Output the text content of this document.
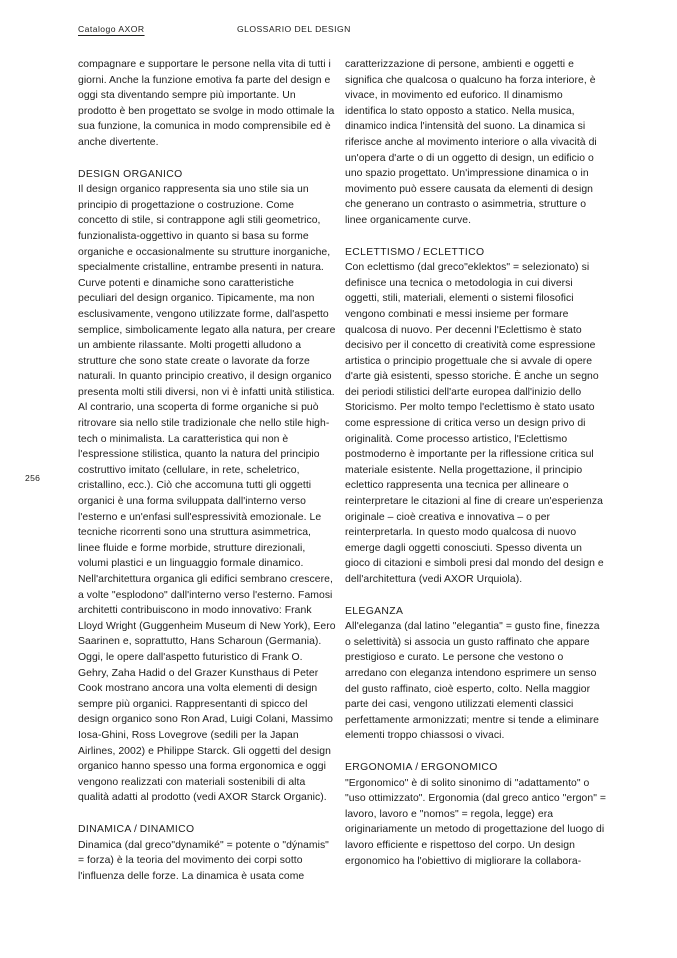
Catalogo AXOR	GLOSSARIO DEL DESIGN
256
compagnare e supportare le persone nella vita di tutti i giorni. Anche la funzione emotiva fa parte del design e oggi sta diventando sempre più importante. Un prodotto è ben progettato se svolge in modo ottimale la sua funzione, la comunica in modo comprensibile ed è anche divertente.
DESIGN ORGANICO
Il design organico rappresenta sia uno stile sia un principio di progettazione o costruzione. Come concetto di stile, si contrappone agli stili geometrico, funzionalista-oggettivo in quanto si basa su forme organiche e occasionalmente su strutture inorganiche, specialmente cristalline, entrambe presenti in natura. Curve potenti e dinamiche sono caratteristiche peculiari del design organico. Tipicamente, ma non esclusivamente, vengono utilizzate forme, dall'aspetto semplice, simbolicamente legato alla natura, per creare un ambiente rilassante. Molti progetti alludono a strutture che sono state create o lavorate da forze naturali. In quanto principio creativo, il design organico presenta molti stili diversi, non vi è infatti unità stilistica. Al contrario, una scoperta di forme organiche si può ritrovare sia nello stile tradizionale che nello stile high-tech o minimalista. La caratteristica qui non è l'espressione stilistica, quanto la natura del principio costruttivo imitato (cellulare, in rete, scheletrico, cristallino, ecc.). Ciò che accomuna tutti gli oggetti organici è una forma sviluppata dall'interno verso l'esterno e un'enfasi sull'espressività emozionale. Le tecniche ricorrenti sono una struttura asimmetrica, linee fluide e forme morbide, strutture direzionali, volumi plastici e un linguaggio formale dinamico. Nell'architettura organica gli edifici sembrano crescere, a volte "esplodono" dall'interno verso l'esterno. Famosi architetti contribuiscono in modo innovativo: Frank Lloyd Wright (Guggenheim Museum di New York), Eero Saarinen e, soprattutto, Hans Scharoun (Germania). Oggi, le opere dall'aspetto futuristico di Frank O. Gehry, Zaha Hadid o del Grazer Kunsthaus di Peter Cook mostrano ancora una volta elementi di design sempre più organici. Rappresentanti di spicco del design organico sono Ron Arad, Luigi Colani, Massimo Iosa-Ghini, Ross Lovegrove (sedili per la Japan Airlines, 2002) e Philippe Starck. Gli oggetti del design organico hanno spesso una forma ergonomica e oggi vengono realizzati con materiali sostenibili di alta qualità adatti al prodotto (vedi AXOR Starck Organic).
DINAMICA / DINAMICO
Dinamica (dal greco"dynamiké" = potente o "dýnamis" = forza) è la teoria del movimento dei corpi sotto l'influenza delle forze. La dinamica è usata come
caratterizzazione di persone, ambienti e oggetti e significa che qualcosa o qualcuno ha forza interiore, è vivace, in movimento ed euforico. Il dinamismo identifica lo stato opposto a statico. Nella musica, dinamico indica l'intensità del suono. La dinamica si riferisce anche al movimento interiore o alla vivacità di un'opera d'arte o di un oggetto di design, un edificio o uno spazio progettato. Un'impressione dinamica o in movimento può essere causata da elementi di design che generano un contrasto o asimmetria, strutture o linee organicamente curve.
ECLETTISMO / ECLETTICO
Con eclettismo (dal greco"eklektos" = selezionato) si definisce una tecnica o metodologia in cui diversi oggetti, stili, materiali, elementi o sistemi filosofici vengono combinati e messi insieme per formare qualcosa di nuovo. Per decenni l'Eclettismo è stato decisivo per il concetto di creatività come espressione artistica o principio progettuale che si avvale di opere d'arte già esistenti, spesso storiche. È anche un segno dei periodi stilistici dell'arte europea dall'inizio dello Storicismo. Per molto tempo l'eclettismo è stato usato come espressione di critica verso un design privo di originalità. Come processo artistico, l'Eclettismo postmoderno è importante per la riflessione critica sul materiale esistente. Nella progettazione, il principio eclettico rappresenta una tecnica per allineare o reinterpretare le citazioni al fine di creare un'esperienza originale – cioè creativa e innovativa – o per reinterpretarla. In questo modo qualcosa di nuovo emerge dagli oggetti conosciuti. Spesso diventa un gioco di citazioni e simboli presi dal mondo del design e dell'architettura (vedi AXOR Urquiola).
ELEGANZA
All'eleganza (dal latino "elegantia" = gusto fine, finezza o selettività) si associa un gusto raffinato che appare prestigioso e curato. Le persone che vestono o arredano con eleganza intendono esprimere un senso del gusto raffinato, cioè esperto, colto. Nella maggior parte dei casi, vengono utilizzati elementi classici perfettamente armonizzati; mentre si tende a eliminare elementi troppo chiassosi o vivaci.
ERGONOMIA / ERGONOMICO
"Ergonomico" è di solito sinonimo di "adattamento" o "uso ottimizzato". Ergonomia (dal greco antico "ergon" = lavoro, lavoro e "nomos" = regola, legge) era originariamente un metodo di progettazione del luogo di lavoro efficiente e rispettoso del corpo. Un design ergonomico ha l'obiettivo di migliorare la collabora-
